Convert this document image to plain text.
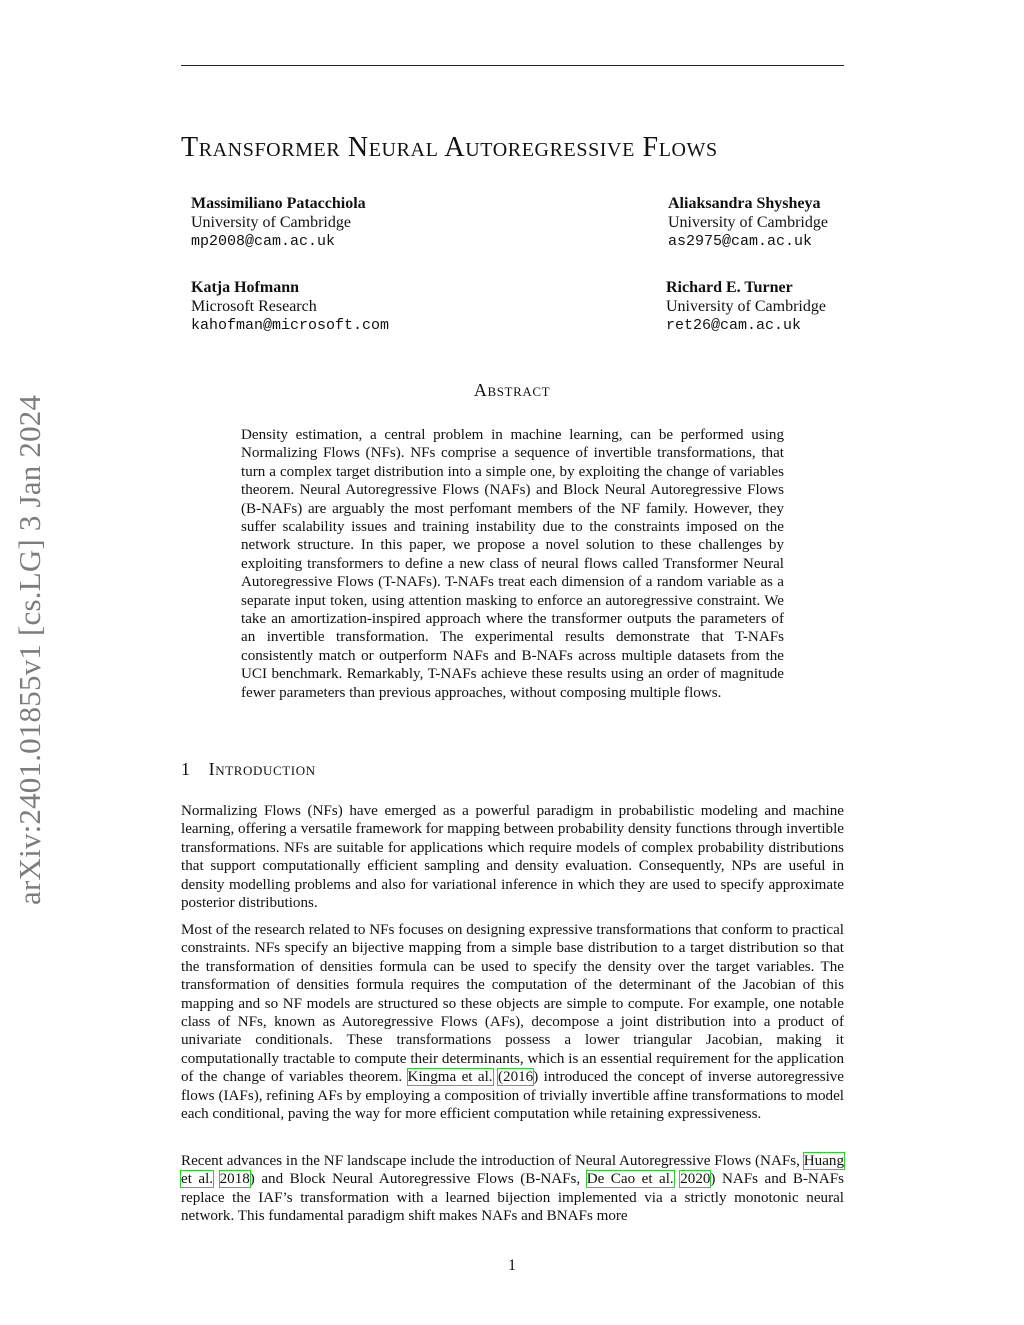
arXiv:2401.01855v1 [cs.LG] 3 Jan 2024
Transformer Neural Autoregressive Flows
Massimiliano Patacchiola
University of Cambridge
mp2008@cam.ac.uk
Aliaksandra Shysheya
University of Cambridge
as2975@cam.ac.uk
Katja Hofmann
Microsoft Research
kahofman@microsoft.com
Richard E. Turner
University of Cambridge
ret26@cam.ac.uk
Abstract
Density estimation, a central problem in machine learning, can be performed using Normalizing Flows (NFs). NFs comprise a sequence of invertible transformations, that turn a complex target distribution into a simple one, by exploiting the change of variables theorem. Neural Autoregressive Flows (NAFs) and Block Neural Autoregressive Flows (B-NAFs) are arguably the most perfomant members of the NF family. However, they suffer scalability issues and training instability due to the constraints imposed on the network structure. In this paper, we propose a novel solution to these challenges by exploiting transformers to define a new class of neural flows called Transformer Neural Autoregressive Flows (T-NAFs). T-NAFs treat each dimension of a random variable as a separate input token, using attention masking to enforce an autoregressive constraint. We take an amortization-inspired approach where the transformer outputs the parameters of an invertible transformation. The experimental results demonstrate that T-NAFs consistently match or outperform NAFs and B-NAFs across multiple datasets from the UCI benchmark. Remarkably, T-NAFs achieve these results using an order of magnitude fewer parameters than previous approaches, without composing multiple flows.
1 Introduction

Normalizing Flows (NFs) have emerged as a powerful paradigm in probabilistic modeling and machine learning, offering a versatile framework for mapping between probability density functions through invertible transformations. NFs are suitable for applications which require models of complex probability distributions that support computationally efficient sampling and density evaluation. Consequently, NPs are useful in density modelling problems and also for variational inference in which they are used to specify approximate posterior distributions.

Most of the research related to NFs focuses on designing expressive transformations that conform to practical constraints. NFs specify an bijective mapping from a simple base distribution to a target distribution so that the transformation of densities formula can be used to specify the density over the target variables. The transformation of densities formula requires the computation of the determinant of the Jacobian of this mapping and so NF models are structured so these objects are simple to compute. For example, one notable class of NFs, known as Autoregressive Flows (AFs), decompose a joint distribution into a product of univariate conditionals. These transformations possess a lower triangular Jacobian, making it computationally tractable to compute their determinants, which is an essential requirement for the application of the change of variables theorem. Kingma et al. (2016) introduced the concept of inverse autoregressive flows (IAFs), refining AFs by employing a composition of trivially invertible affine transformations to model each conditional, paving the way for more efficient computation while retaining expressiveness.

Recent advances in the NF landscape include the introduction of Neural Autoregressive Flows (NAFs, Huang et al. 2018) and Block Neural Autoregressive Flows (B-NAFs, De Cao et al. 2020) NAFs and B-NAFs replace the IAF’s transformation with a learned bijection implemented via a strictly monotonic neural network. This fundamental paradigm shift makes NAFs and BNAFs more

1
